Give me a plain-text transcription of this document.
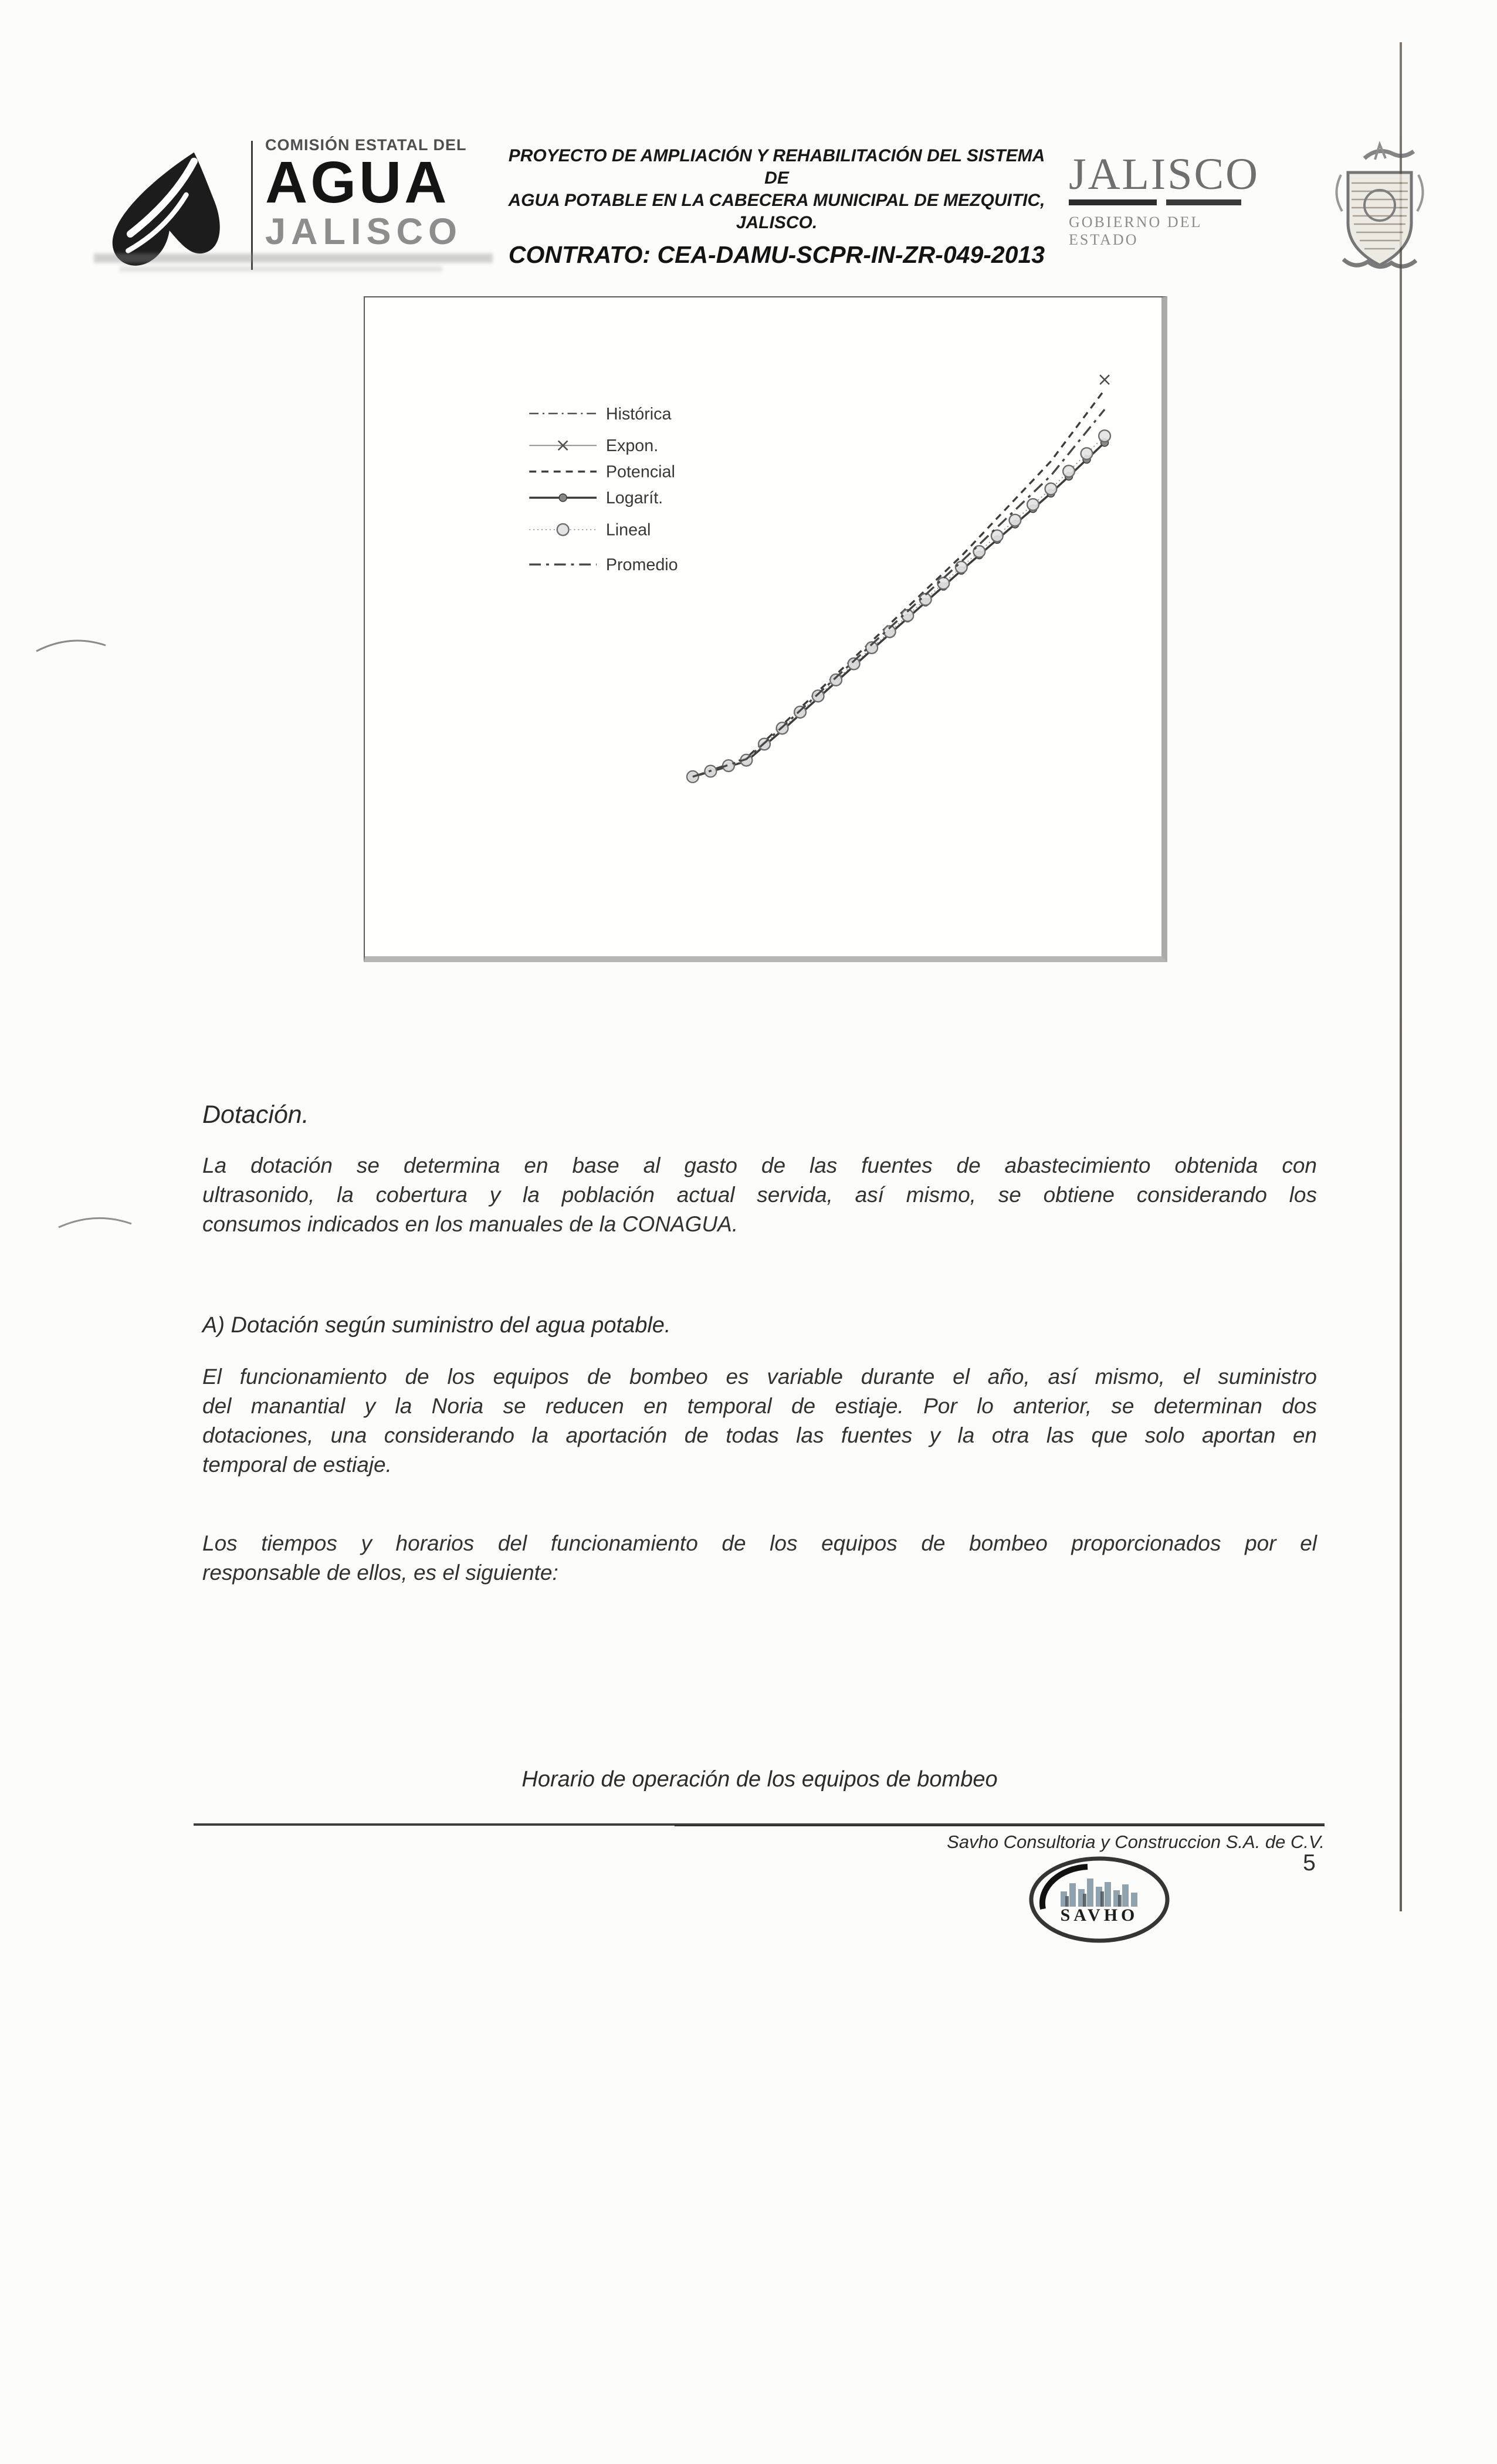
COMISIÓN ESTATAL DEL
AGUA
JALISCO
PROYECTO DE AMPLIACIÓN Y REHABILITACIÓN DEL SISTEMA DE
AGUA POTABLE EN LA CABECERA MUNICIPAL DE MEZQUITIC,
JALISCO.
CONTRATO: CEA-DAMU-SCPR-IN-ZR-049-2013
JALISCO
GOBIERNO DEL ESTADO
Histórica
Expon.
Potencial
Logarít.
Lineal
Promedio
Dotación.
La dotación se determina en base al gasto de las fuentes de abastecimiento obtenida con
ultrasonido, la cobertura y la población actual servida, así mismo, se obtiene considerando los
consumos indicados en los manuales de la CONAGUA.
A) Dotación según suministro del agua potable.
El funcionamiento de los equipos de bombeo es variable durante el año, así mismo, el suministro
del manantial y la Noria se reducen en temporal de estiaje. Por lo anterior, se determinan dos
dotaciones, una considerando la aportación de todas las fuentes y la otra las que solo aportan en
temporal de estiaje.
Los tiempos y horarios del funcionamiento de los equipos de bombeo proporcionados por el
responsable de ellos, es el siguiente:
Horario de operación de los equipos de bombeo
Savho Consultoria y Construccion S.A. de C.V.
5
SAVHO
